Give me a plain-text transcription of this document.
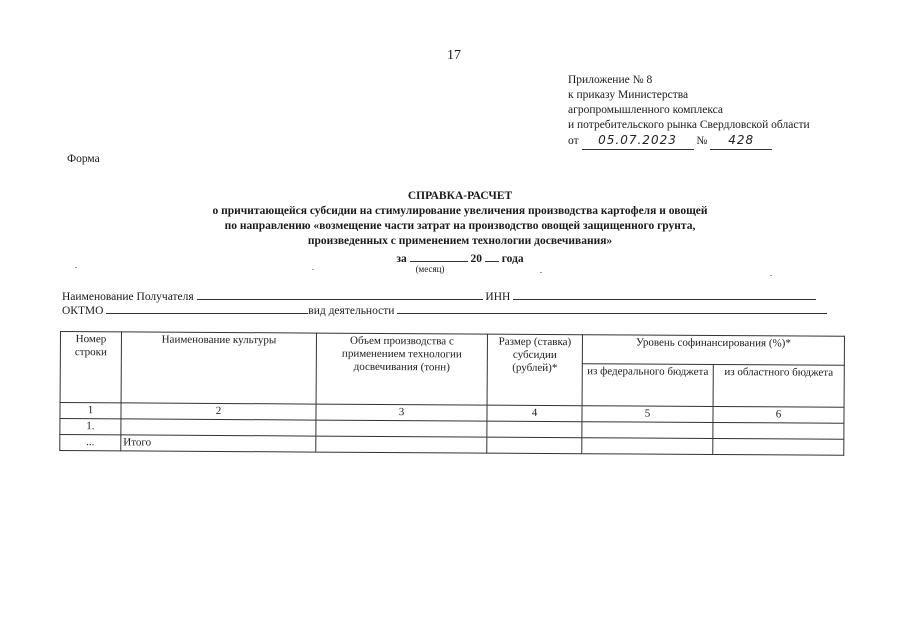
17
Приложение № 8
к приказу Министерства
агропромышленного комплекса
и потребительского рынка Свердловской области
от 05.07.2023 № 428
Форма
СПРАВКА-РАСЧЕТ
о причитающейся субсидии на стимулирование увеличения производства картофеля и овощей
по направлению «возмещение части затрат на производство овощей защищенного грунта,
произведенных с применением технологии досвечивания»
за	20 года
(месяц)
Наименование Получателя	ИНН
ОКТМО	вид деятельности
Номер строки	Наименование культуры	Объем производства с применением технологии досвечивания (тонн)	Размер (ставка) субсидии (рублей)*	Уровень софинансирования (%)*	
				из федерального бюджета	из областного бюджета
1	2	3	4	5	6
1.					
...	Итого				
